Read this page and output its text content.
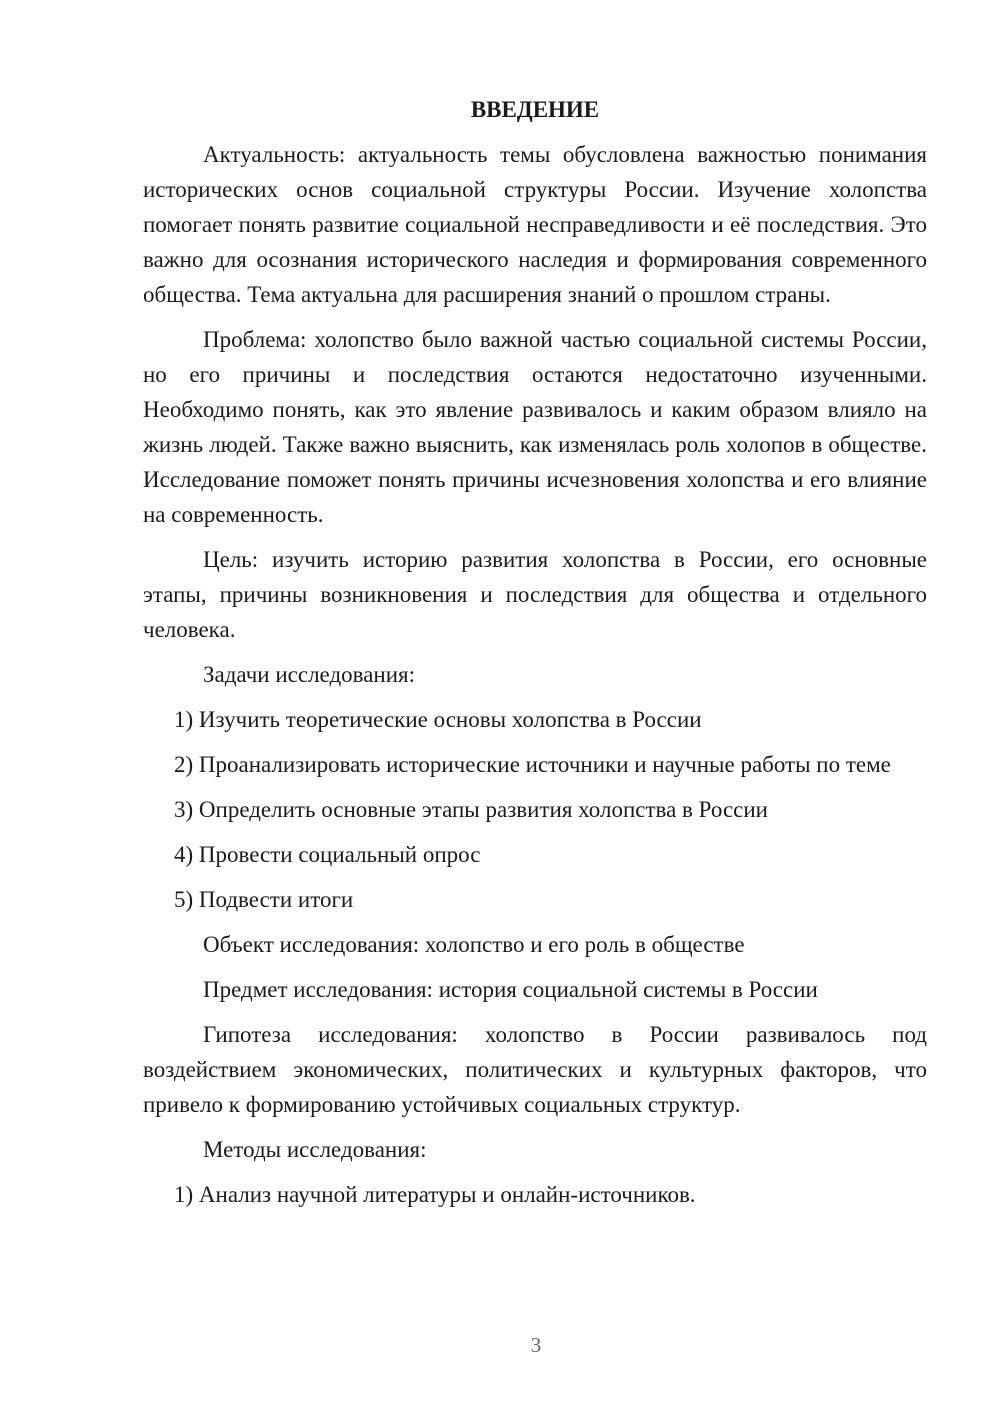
ВВЕДЕНИЕ

Актуальность: актуальность темы обусловлена важностью понимания исторических основ социальной структуры России. Изучение холопства помогает понять развитие социальной несправедливости и её последствия. Это важно для осознания исторического наследия и формирования современного общества. Тема актуальна для расширения знаний о прошлом страны.

Проблема: холопство было важной частью социальной системы России, но его причины и последствия остаются недостаточно изученными. Необходимо понять, как это явление развивалось и каким образом влияло на жизнь людей. Также важно выяснить, как изменялась роль холопов в обществе. Исследование поможет понять причины исчезновения холопства и его влияние на современность.

Цель: изучить историю развития холопства в России, его основные этапы, причины возникновения и последствия для общества и отдельного человека.

Задачи исследования:

1) Изучить теоретические основы холопства в России

2) Проанализировать исторические источники и научные работы по теме

3) Определить основные этапы развития холопства в России

4) Провести социальный опрос

5) Подвести итоги

Объект исследования: холопство и его роль в обществе

Предмет исследования: история социальной системы в России

Гипотеза исследования: холопство в России развивалось под воздействием экономических, политических и культурных факторов, что привело к формированию устойчивых социальных структур.

Методы исследования:

1) Анализ научной литературы и онлайн-источников.

3
